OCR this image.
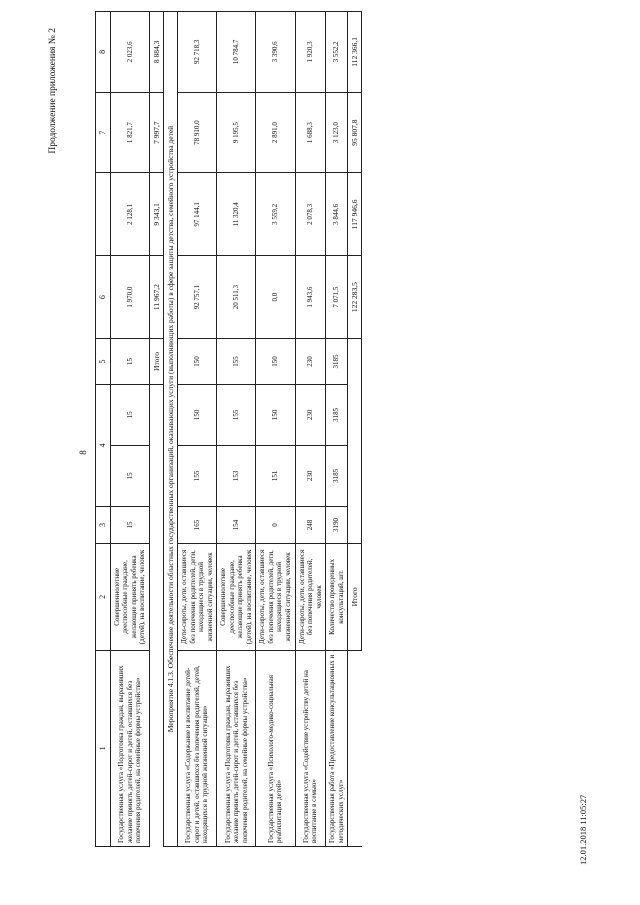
Продолжение приложения № 2
8
1	2	3	4		5	6		7	8
Государственная услуга «Подготовка граждан, выразивших желание принять детей-сирот и детей, оставшихся без попечения родителей, на семейные формы устройства»	Совершеннолетние дееспособные граждане, желающие принять ребенка (детей), на воспитание, человек	15	15	15	15	1 970,0	2 128,1	1 821,7	2 023,6
					Итого	11 967,2	9 343,1	7 997,7	8 884,3
Мероприятие 4.1.3. Обеспечение деятельности областных государственных организаций, оказывающих услуги (выполняющих работы) в сфере защиты детства, семейного устройства детей									
Государственная услуга «Содержание и воспитание детей-сирот и детей, оставшихся без попечения родителей, детей, находящихся в трудной жизненной ситуации»	Дети-сироты, дети, оставшиеся без попечения родителей, дети, находящиеся в трудной жизненной ситуации, человек	165	155	150	150	92 757,1	97 144,1	78 910,0	92 718,3
Государственная услуга «Подготовка граждан, выразивших желание принять детей-сирот и детей, оставшихся без попечения родителей, на семейные формы устройства»	Совершеннолетние дееспособные граждане, желающие принять ребенка (детей), на воспитание, человек	154	153	155	155	20 511,3	11 320,4	9 195,5	10 784,7
Государственная услуга «Психолого-медико-социальная реабилитация детей»	Дети-сироты, дети, оставшиеся без попечения родителей, дети, находящиеся в трудной жизненной ситуации, человек	0	151	150	150	0,0	3 559,2	2 891,0	3 390,6
Государственная услуга «Содействие устройству детей на воспитание в семью»	Дети-сироты, дети, оставшиеся без попечения родителей, человек	248	230	230	230	1 943,6	2 078,3	1 688,3	1 920,3
Государственная работа «Предоставление консультационных и методических услуг»	Количество проведенных консультаций, шт.	3190	3185	3185	3185	7 071,5	3 844,6	3 123,0	3 552,2
	Итого					122 283,5	117 946,6	95 807,8	112 366,1
12.01.2018 11:05:27
